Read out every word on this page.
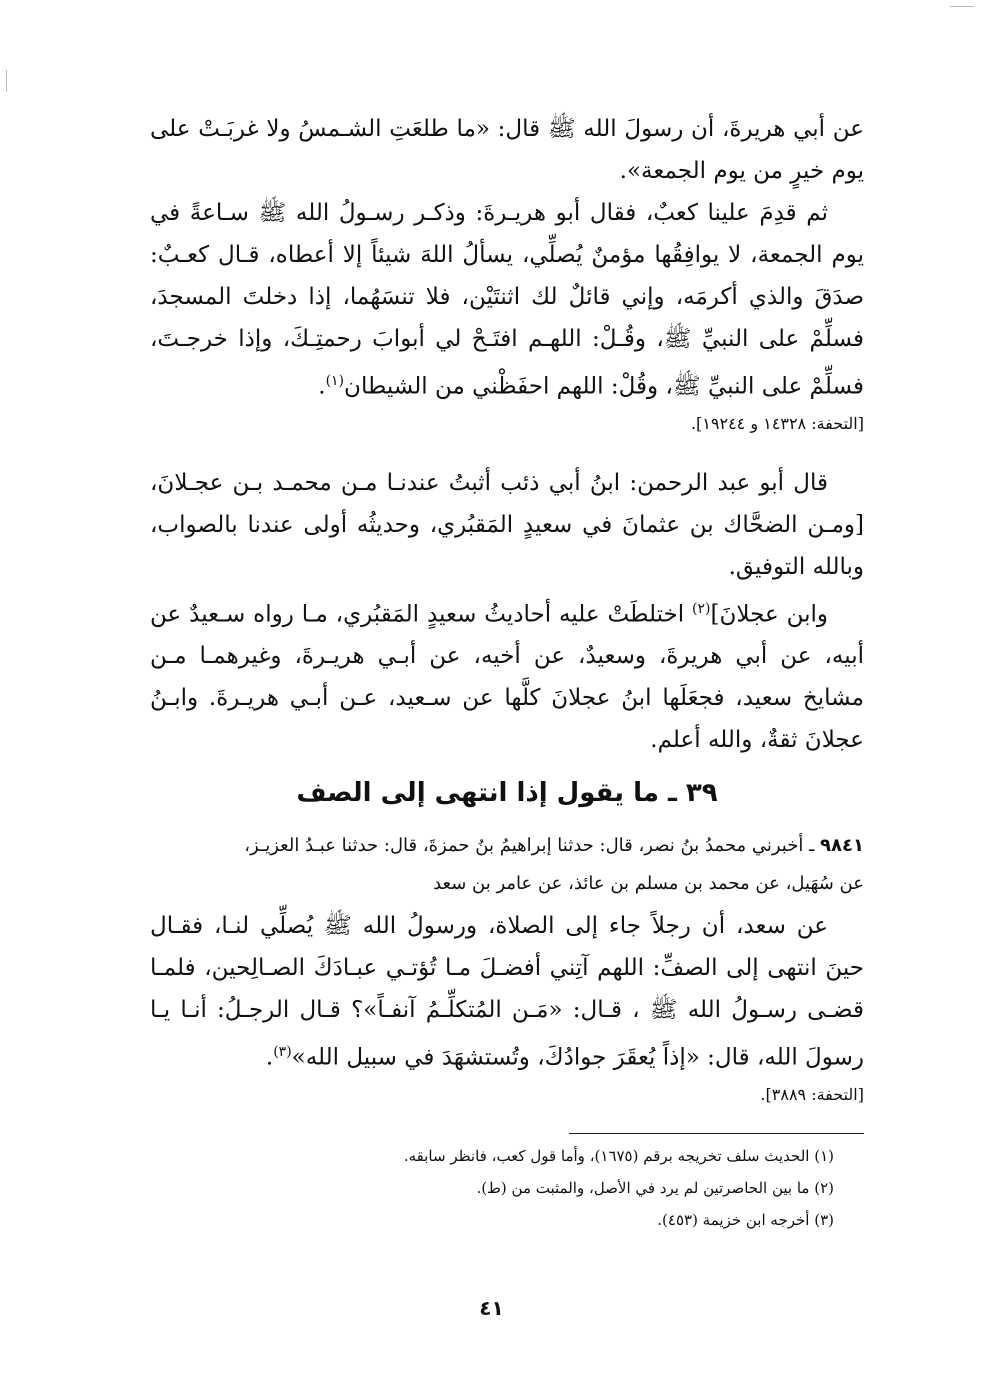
عن أبي هريرةَ، أن رسولَ الله ﷺ قال: «ما طلعَتِ الشـمسُ ولا غربَـتْ على يوم خيرٍ من يوم الجمعة».

ثم قدِمَ علينا كعبٌ، فقال أبو هريـرةَ: وذكـر رسـولُ الله ﷺ سـاعةً في يوم الجمعة، لا يوافِقُها مؤمنٌ يُصلِّي، يسألُ اللهَ شيئاً إلا أعطاه، قـال كعـبٌ: صدَقَ والذي أكرمَه، وإني قائلٌ لك اثنتَيْن، فلا تنسَهُما، إذا دخلتَ المسجدَ، فسلِّمْ على النبيِّ ﷺ، وقُـلْ: اللهـم افتَـحْ لي أبوابَ رحمتِـكَ، وإذا خرجـتَ، فسلِّمْ على النبيِّ ﷺ، وقُلْ: اللهم احفَظْني من الشيطان$^{(١)}$.

[التحفة: ١٤٣٢٨ و ١٩٢٤٤].

قال أبو عبد الرحمن: ابنُ أبي ذئب أثبتُ عندنـا مـن محمـد بـن عجـلانَ، [ومـن الضحَّاك بن عثمانَ في سعيدٍ المَقبُري، وحديثُه أولى عندنا بالصواب، وبالله التوفيق.

وابن عجلانَ]$^{(٢)}$ اختلطَتْ عليه أحاديثُ سعيدٍ المَقبُري، مـا رواه سـعيدٌ عن أبيه، عن أبي هريرةَ، وسعيدٌ، عن أخيه، عن أبـي هريـرةَ، وغيرهمـا مـن مشايخ سعيد، فجعَلَها ابنُ عجلانَ كلَّها عن سـعيد، عـن أبـي هريـرةَ. وابـنُ عجلانَ ثقةٌ، والله أعلم.

٣٩ ـ ما يقول إذا انتهى إلى الصف

٩٨٤١ ـ أخبرني محمدُ بنُ نصر، قال: حدثنا إبراهيمُ بنُ حمزةَ، قال: حدثنا عبـدُ العزيـز،

عن سُهَيل، عن محمد بن مسلم بن عائذ، عن عامر بن سعد

عن سعد، أن رجلاً جاء إلى الصلاة، ورسولُ الله ﷺ يُصلِّي لنـا، فقـال حينَ انتهى إلى الصفِّ: اللهم آتِني أفضـلَ مـا تُؤتـي عبـادَكَ الصـالِحين، فلمـا قضـى رسـولُ الله ﷺ ، قـال: «مَـن المُتكلِّـمُ آنفـاً»؟ قـال الرجـلُ: أنـا يـا رسولَ الله، قال: «إذاً يُعقَرَ جوادُكَ، وتُستشهَدَ في سبيل الله»$^{(٣)}$.

[التحفة: ٣٨٨٩].

(١) الحديث سلف تخريجه برقم (١٦٧٥)، وأما قول كعب، فانظر سابقه.

(٢) ما بين الحاصرتين لم يرد في الأصل، والمثبت من (ط).

(٣) أخرجه ابن خزيمة (٤٥٣).

٤١
